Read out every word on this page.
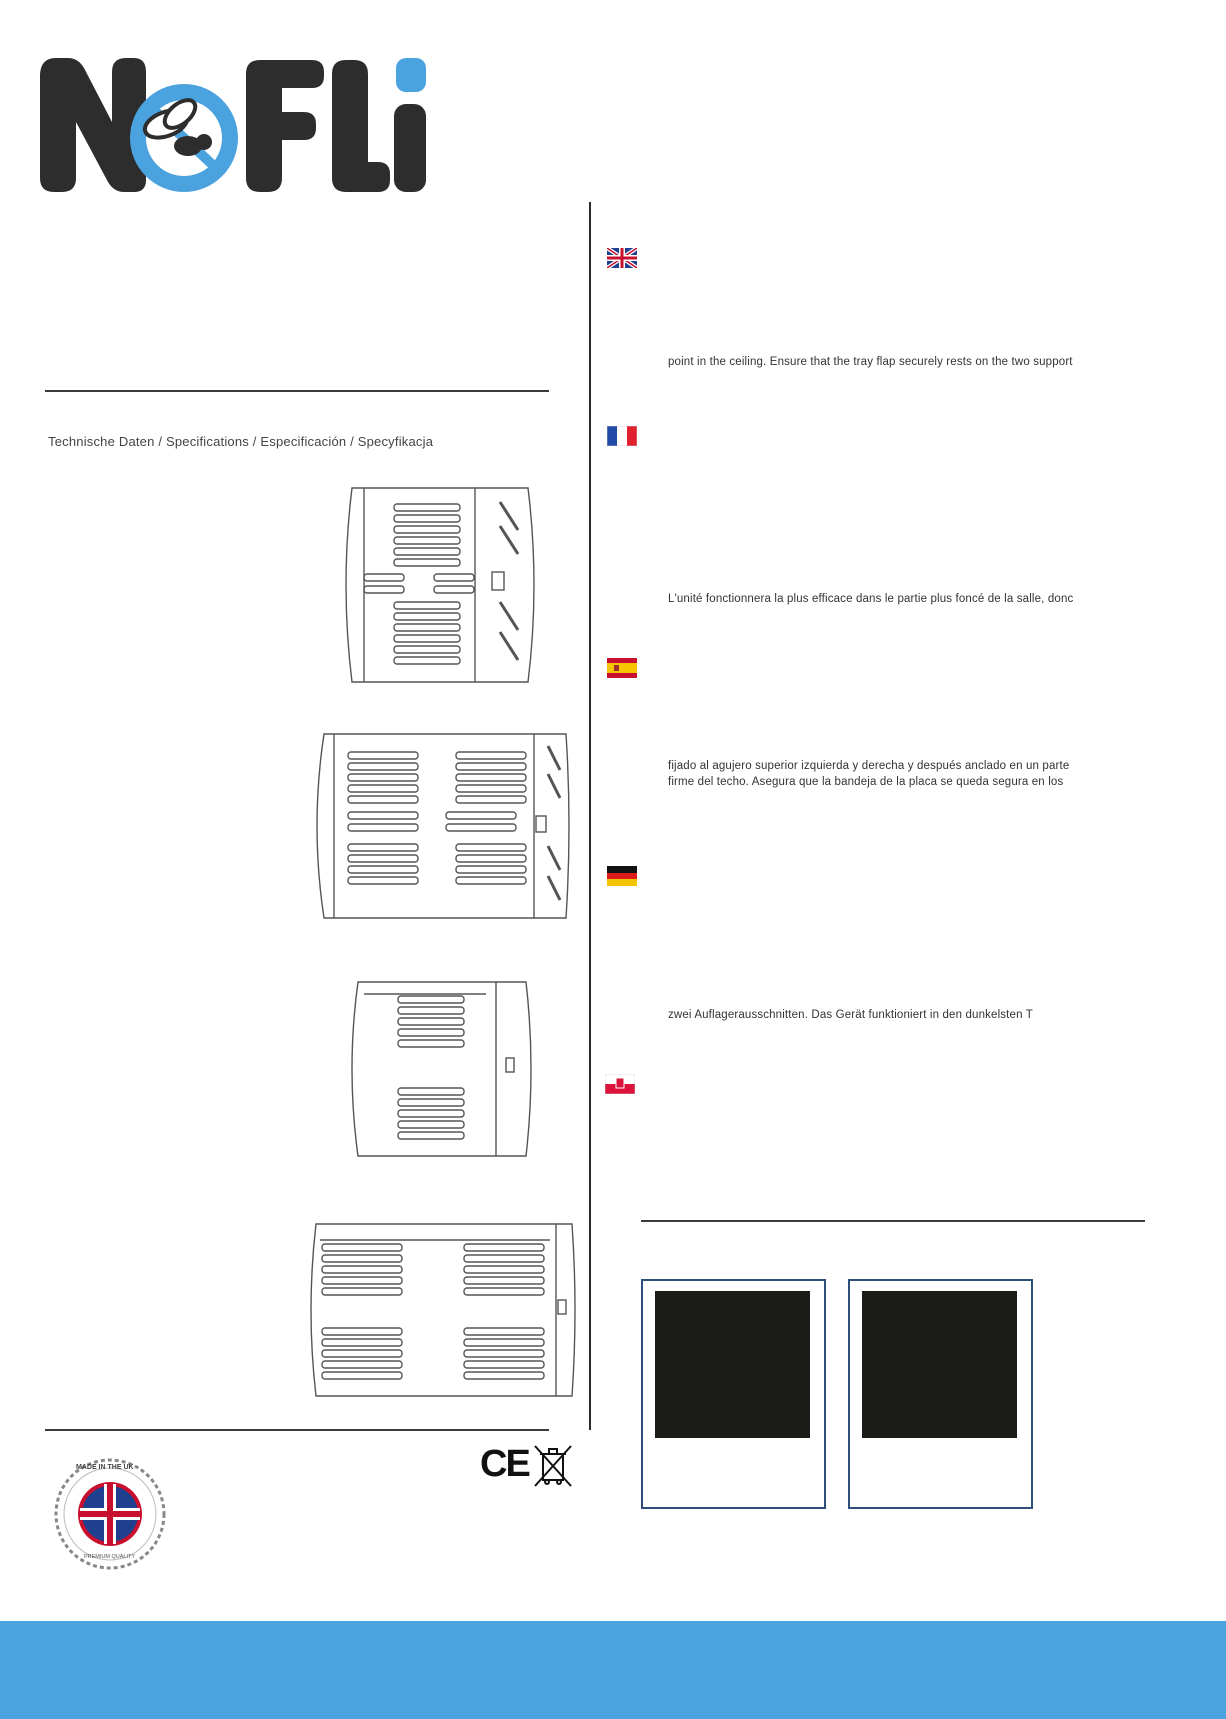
Technische Daten / Specifications / Especificación / Specyfikacja
MADE IN THE UK
PREMIUM QUALITY
CE
point in the ceiling. Ensure that the tray flap securely rests on the two support
L'unité fonctionnera la plus efficace dans le partie plus foncé de la salle, donc
fijado al agujero superior izquierda y derecha y después anclado en un parte
firme del techo. Asegura que la bandeja de la placa se queda segura en los
zwei Auflagerausschnitten. Das Gerät funktioniert in den dunkelsten T
